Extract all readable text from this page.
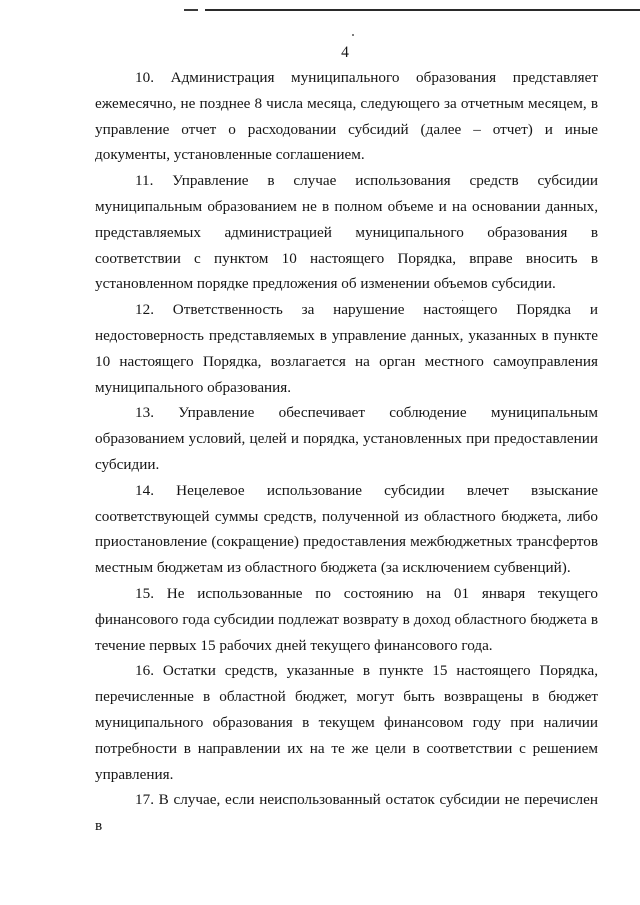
4

10. Администрация муниципального образования представляет ежемесячно, не позднее 8 числа месяца, следующего за отчетным месяцем, в управление отчет о расходовании субсидий (далее – отчет) и иные документы, установленные соглашением.

11. Управление в случае использования средств субсидии муниципальным образованием не в полном объеме и на основании данных, представляемых администрацией муниципального образования в соответствии с пунктом 10 настоящего Порядка, вправе вносить в установленном порядке предложения об изменении объемов субсидии.

12. Ответственность за нарушение настоящего Порядка и недостоверность представляемых в управление данных, указанных в пункте 10 настоящего Порядка, возлагается на орган местного самоуправления муниципального образования.

13. Управление обеспечивает соблюдение муниципальным образованием условий, целей и порядка, установленных при предоставлении субсидии.

14. Нецелевое использование субсидии влечет взыскание соответствующей суммы средств, полученной из областного бюджета, либо приостановление (сокращение) предоставления межбюджетных трансфертов местным бюджетам из областного бюджета (за исключением субвенций).

15. Не использованные по состоянию на 01 января текущего финансового года субсидии подлежат возврату в доход областного бюджета в течение первых 15 рабочих дней текущего финансового года.

16. Остатки средств, указанные в пункте 15 настоящего Порядка, перечисленные в областной бюджет, могут быть возвращены в бюджет муниципального образования в текущем финансовом году при наличии потребности в направлении их на те же цели в соответствии с решением управления.

17. В случае, если неиспользованный остаток субсидии не перечислен в
